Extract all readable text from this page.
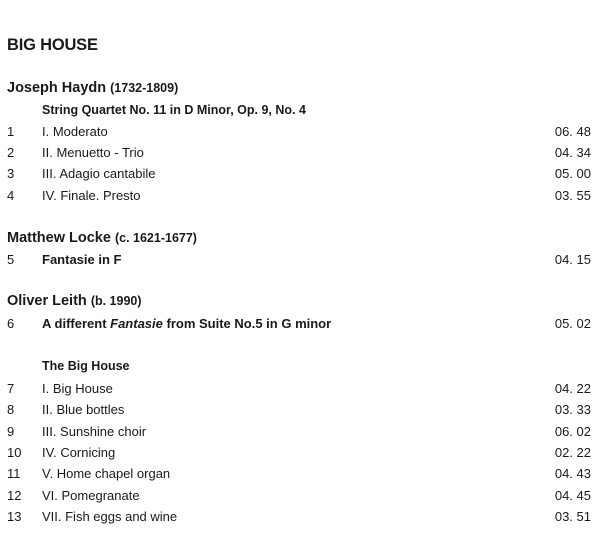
BIG HOUSE
Joseph Haydn (1732-1809)
String Quartet No. 11 in D Minor, Op. 9, No. 4
1 I. Moderato	06. 48
2 II. Menuetto - Trio	04. 34
3 III. Adagio cantabile	05. 00
4 IV. Finale. Presto	03. 55
Matthew Locke (c. 1621-1677)
5 Fantasie in F	04. 15
Oliver Leith (b. 1990)
6 A different Fantasie from Suite No.5 in G minor	05. 02
The Big House
7 I. Big House	04. 22
8 II. Blue bottles	03. 33
9 III. Sunshine choir	06. 02
10 IV. Cornicing	02. 22
11 V. Home chapel organ	04. 43
12 VI. Pomegranate	04. 45
13 VII. Fish eggs and wine	03. 51
